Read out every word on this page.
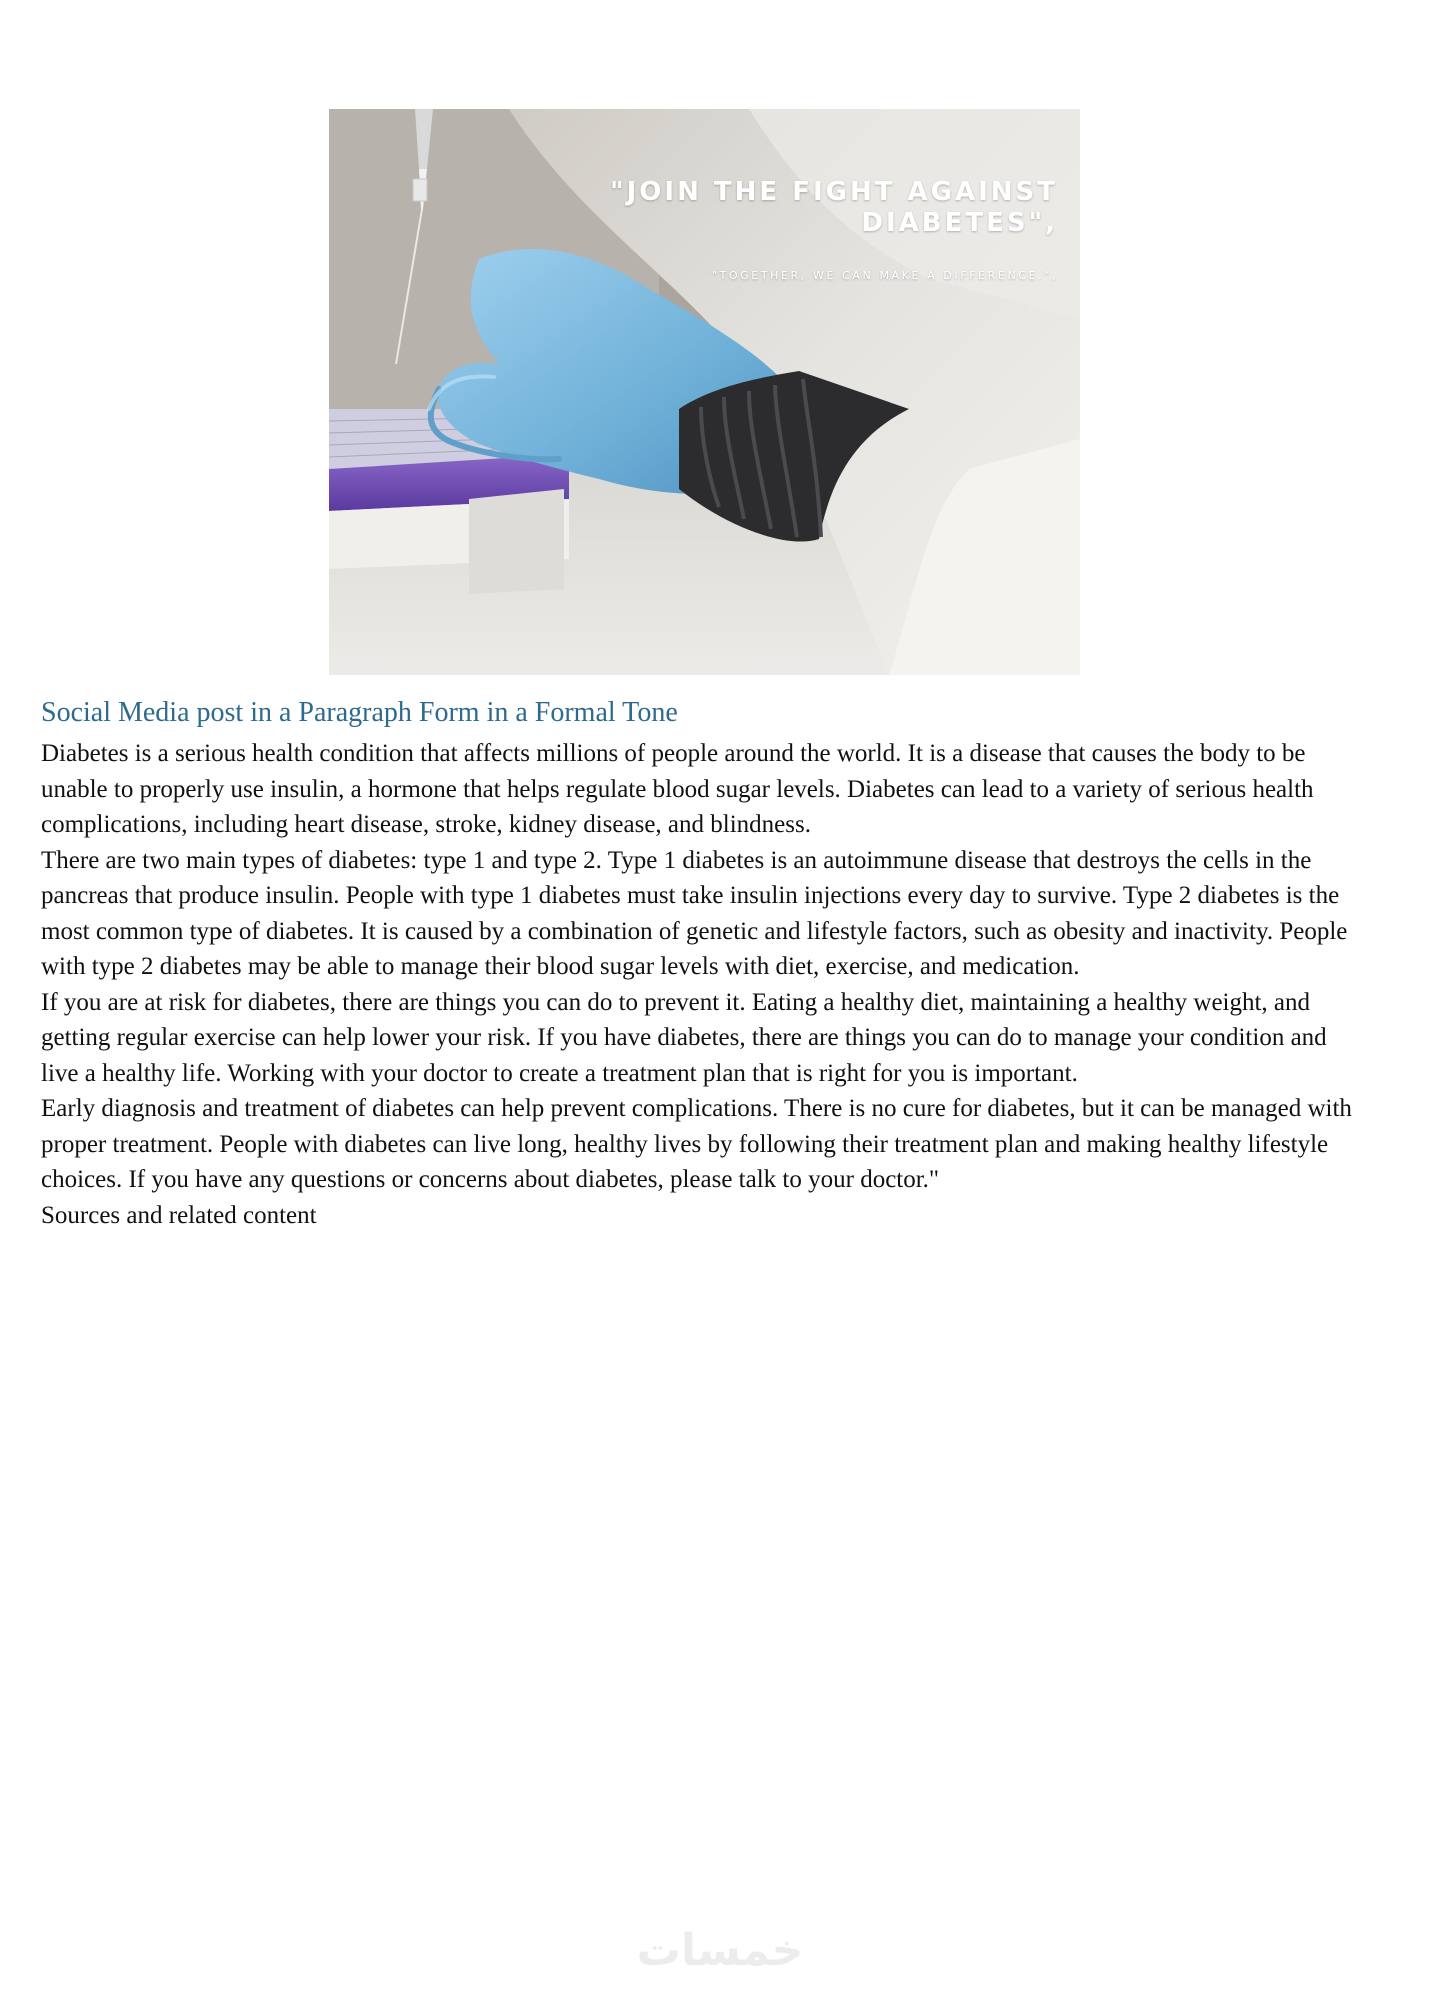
"JOIN THE FIGHT AGAINST DIABETES",
"TOGETHER, WE CAN MAKE A DIFFERENCE.",
Social Media post in a Paragraph Form in a Formal Tone

Diabetes is a serious health condition that affects millions of people around the world. It is a disease that causes the body to be unable to properly use insulin, a hormone that helps regulate blood sugar levels. Diabetes can lead to a variety of serious health complications, including heart disease, stroke, kidney disease, and blindness.

There are two main types of diabetes: type 1 and type 2. Type 1 diabetes is an autoimmune disease that destroys the cells in the pancreas that produce insulin. People with type 1 diabetes must take insulin injections every day to survive. Type 2 diabetes is the most common type of diabetes. It is caused by a combination of genetic and lifestyle factors, such as obesity and inactivity. People with type 2 diabetes may be able to manage their blood sugar levels with diet, exercise, and medication.

If you are at risk for diabetes, there are things you can do to prevent it. Eating a healthy diet, maintaining a healthy weight, and getting regular exercise can help lower your risk. If you have diabetes, there are things you can do to manage your condition and live a healthy life. Working with your doctor to create a treatment plan that is right for you is important.

Early diagnosis and treatment of diabetes can help prevent complications. There is no cure for diabetes, but it can be managed with proper treatment. People with diabetes can live long, healthy lives by following their treatment plan and making healthy lifestyle choices. If you have any questions or concerns about diabetes, please talk to your doctor."

Sources and related content

خمسات
